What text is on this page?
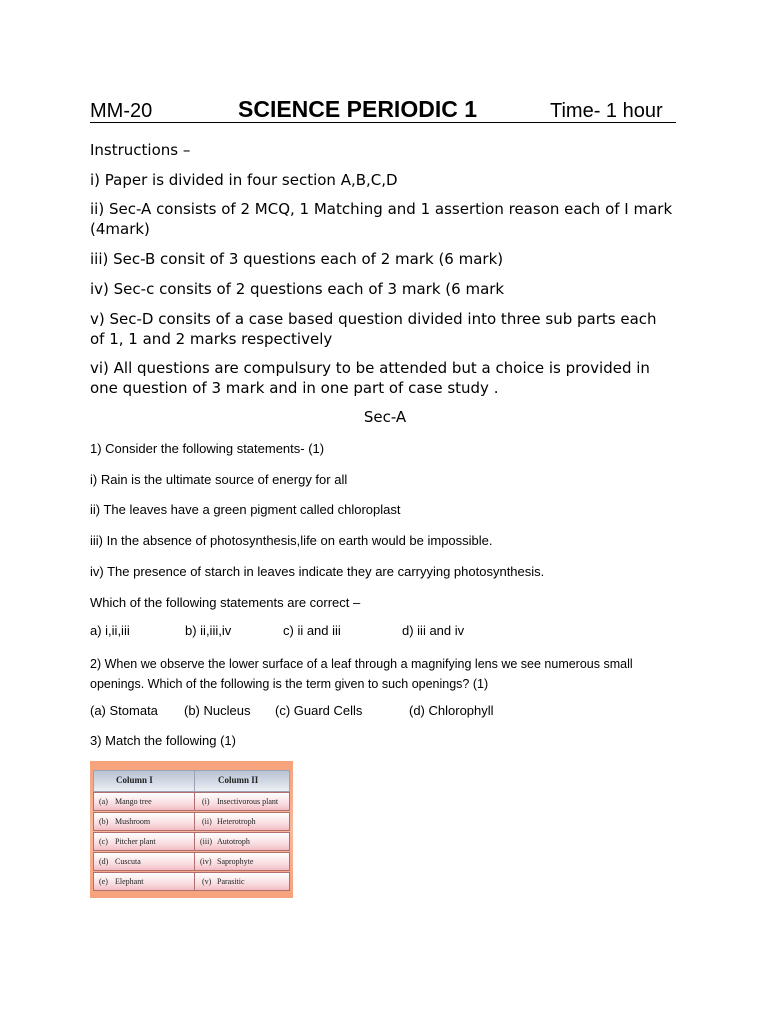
MM-20	SCIENCE PERIODIC 1	Time- 1 hour

Instructions –

i) Paper is divided in four section A,B,C,D

ii) Sec-A consists of 2 MCQ, 1 Matching and 1 assertion reason each of I mark (4mark)

iii) Sec-B consit of 3 questions each of 2 mark (6 mark)

iv) Sec-c consits of 2 questions each of 3 mark (6 mark

v) Sec-D consits of a case based question divided into three sub parts each of 1, 1 and 2 marks respectively

vi) All questions are compulsury to be attended but a choice is provided in one question of 3 mark and in one part of case study .

Sec-A

1) Consider the following statements- (1)

i) Rain is the ultimate source of energy for all

ii) The leaves have a green pigment called chloroplast

iii) In the absence of photosynthesis,life on earth would be impossible.

iv) The presence of starch in leaves indicate they are carryying photosynthesis.

Which of the following statements are correct –

a) i,ii,iii	b) ii,iii,iv	c) ii and iii	d) iii and iv

2) When we observe the lower surface of a leaf through a magnifying lens we see numerous small openings. Which of the following is the term given to such openings? (1)

(a) Stomata (b) Nucleus (c) Guard Cells	(d) Chlorophyll

3) Match the following (1)

Column I	Column II
(a) Mango tree	(i) Insectivorous plant
(b) Mushroom	(ii) Heterotroph
(c) Pitcher plant	(iii) Autotroph
(d) Cuscuta	(iv) Saprophyte
(e) Elephant	(v) Parasitic
